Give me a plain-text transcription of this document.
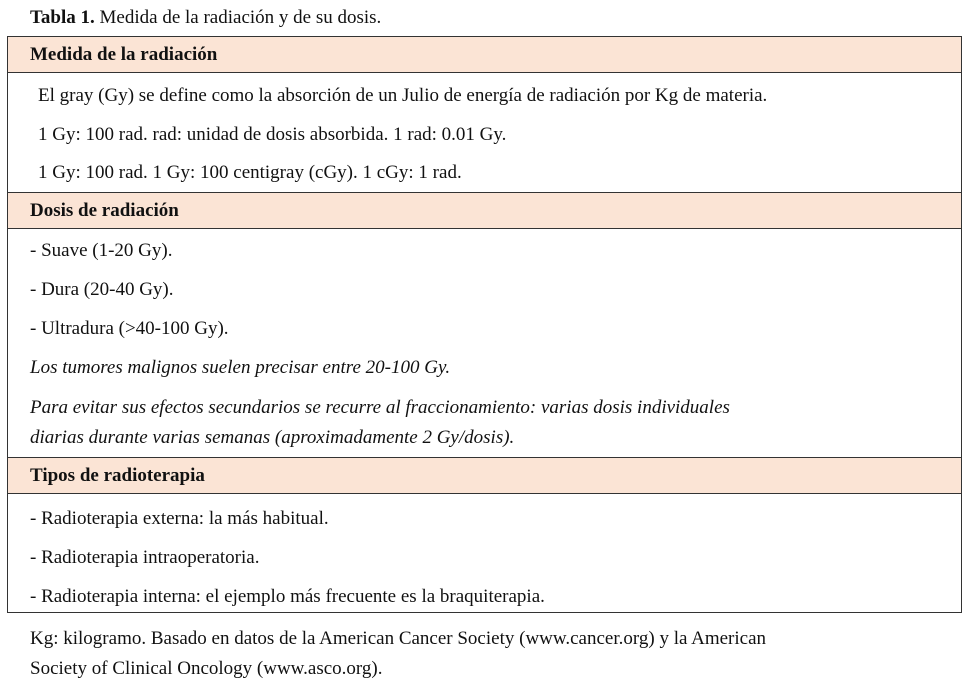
Tabla 1. Medida de la radiación y de su dosis.
Medida de la radiación
El gray (Gy) se define como la absorción de un Julio de energía de radiación por Kg de materia.
1 Gy: 100 rad. rad: unidad de dosis absorbida. 1 rad: 0.01 Gy.
1 Gy: 100 rad. 1 Gy: 100 centigray (cGy). 1 cGy: 1 rad.
Dosis de radiación
- Suave (1-20 Gy).
- Dura (20-40 Gy).
- Ultradura (>40-100 Gy).
Los tumores malignos suelen precisar entre 20-100 Gy.
Para evitar sus efectos secundarios se recurre al fraccionamiento: varias dosis individuales
diarias durante varias semanas (aproximadamente 2 Gy/dosis).
Tipos de radioterapia
- Radioterapia externa: la más habitual.
- Radioterapia intraoperatoria.
- Radioterapia interna: el ejemplo más frecuente es la braquiterapia.
Kg: kilogramo. Basado en datos de la American Cancer Society (www.cancer.org) y la American
Society of Clinical Oncology (www.asco.org).
